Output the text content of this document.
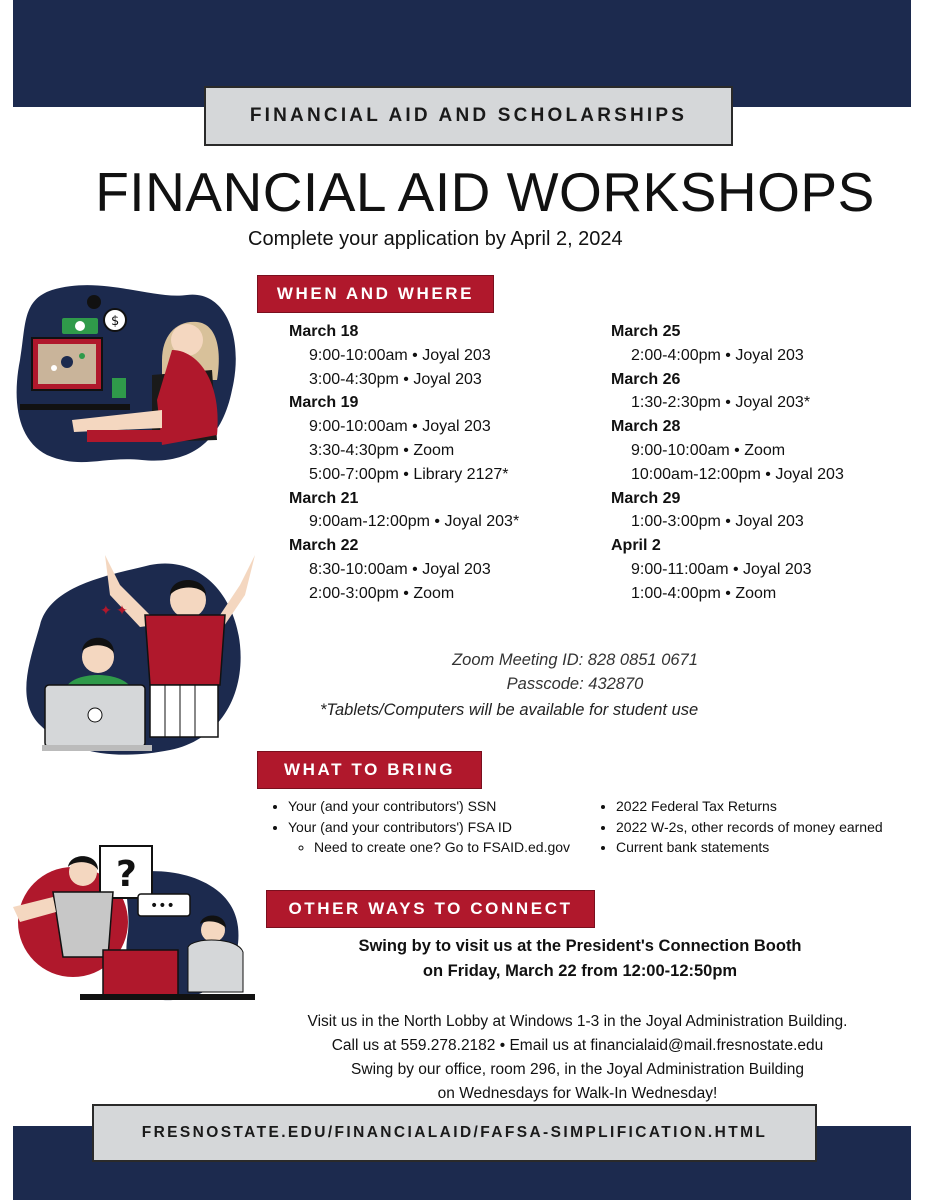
FINANCIAL AID AND SCHOLARSHIPS
FINANCIAL AID WORKSHOPS
Complete your application by April 2, 2024
$
✦ ✦
?
•••
WHEN AND WHERE
March 18
9:00-10:00am • Joyal 203
3:00-4:30pm • Joyal 203
March 19
9:00-10:00am • Joyal 203
3:30-4:30pm • Zoom
5:00-7:00pm • Library 2127*
March 21
9:00am-12:00pm • Joyal 203*
March 22
8:30-10:00am • Joyal 203
2:00-3:00pm • Zoom
March 25
2:00-4:00pm • Joyal 203
March 26
1:30-2:30pm • Joyal 203*
March 28
9:00-10:00am • Zoom
10:00am-12:00pm • Joyal 203
March 29
1:00-3:00pm • Joyal 203
April 2
9:00-11:00am • Joyal 203
1:00-4:00pm • Zoom
Zoom Meeting ID: 828 0851 0671
Passcode: 432870
*Tablets/Computers will be available for student use
WHAT TO BRING
• Your (and your contributors') SSN
• Your (and your contributors') FSA ID
◦ Need to create one? Go to FSAID.ed.gov
• 2022 Federal Tax Returns
• 2022 W-2s, other records of money earned
• Current bank statements
OTHER WAYS TO CONNECT
Swing by to visit us at the President's Connection Booth
on Friday, March 22 from 12:00-12:50pm
Visit us in the North Lobby at Windows 1-3 in the Joyal Administration Building.
Call us at 559.278.2182 • Email us at financialaid@mail.fresnostate.edu
Swing by our office, room 296, in the Joyal Administration Building
on Wednesdays for Walk-In Wednesday!
FRESNOSTATE.EDU/FINANCIALAID/FAFSA-SIMPLIFICATION.HTML
